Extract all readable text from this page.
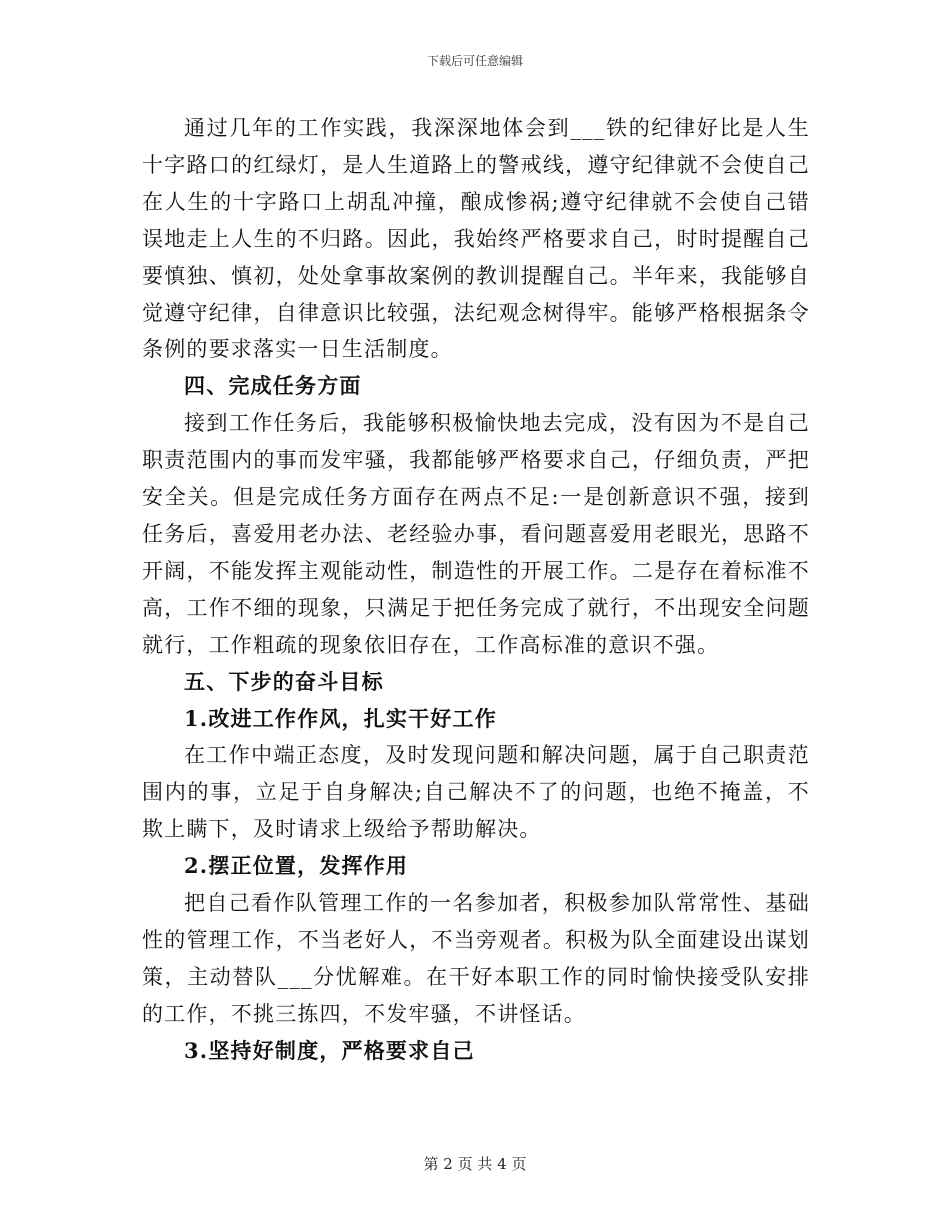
下载后可任意编辑

通过几年的工作实践，我深深地体会到___铁的纪律好比是人生十字路口的红绿灯，是人生道路上的警戒线，遵守纪律就不会使自己在人生的十字路口上胡乱冲撞，酿成惨祸;遵守纪律就不会使自己错误地走上人生的不归路。因此，我始终严格要求自己，时时提醒自己要慎独、慎初，处处拿事故案例的教训提醒自己。半年来，我能够自觉遵守纪律，自律意识比较强，法纪观念树得牢。能够严格根据条令条例的要求落实一日生活制度。

四、完成任务方面

接到工作任务后，我能够积极愉快地去完成，没有因为不是自己职责范围内的事而发牢骚，我都能够严格要求自己，仔细负责，严把安全关。但是完成任务方面存在两点不足:一是创新意识不强，接到任务后，喜爱用老办法、老经验办事，看问题喜爱用老眼光，思路不开阔，不能发挥主观能动性，制造性的开展工作。二是存在着标准不高，工作不细的现象，只满足于把任务完成了就行，不出现安全问题就行，工作粗疏的现象依旧存在，工作高标准的意识不强。

五、下步的奋斗目标

1.改进工作作风，扎实干好工作

在工作中端正态度，及时发现问题和解决问题，属于自己职责范围内的事，立足于自身解决;自己解决不了的问题，也绝不掩盖，不欺上瞒下，及时请求上级给予帮助解决。

2.摆正位置，发挥作用

把自己看作队管理工作的一名参加者，积极参加队常常性、基础性的管理工作，不当老好人，不当旁观者。积极为队全面建设出谋划策，主动替队___分忧解难。在干好本职工作的同时愉快接受队安排的工作，不挑三拣四，不发牢骚，不讲怪话。

3.坚持好制度，严格要求自己

第 2 页 共 4 页
